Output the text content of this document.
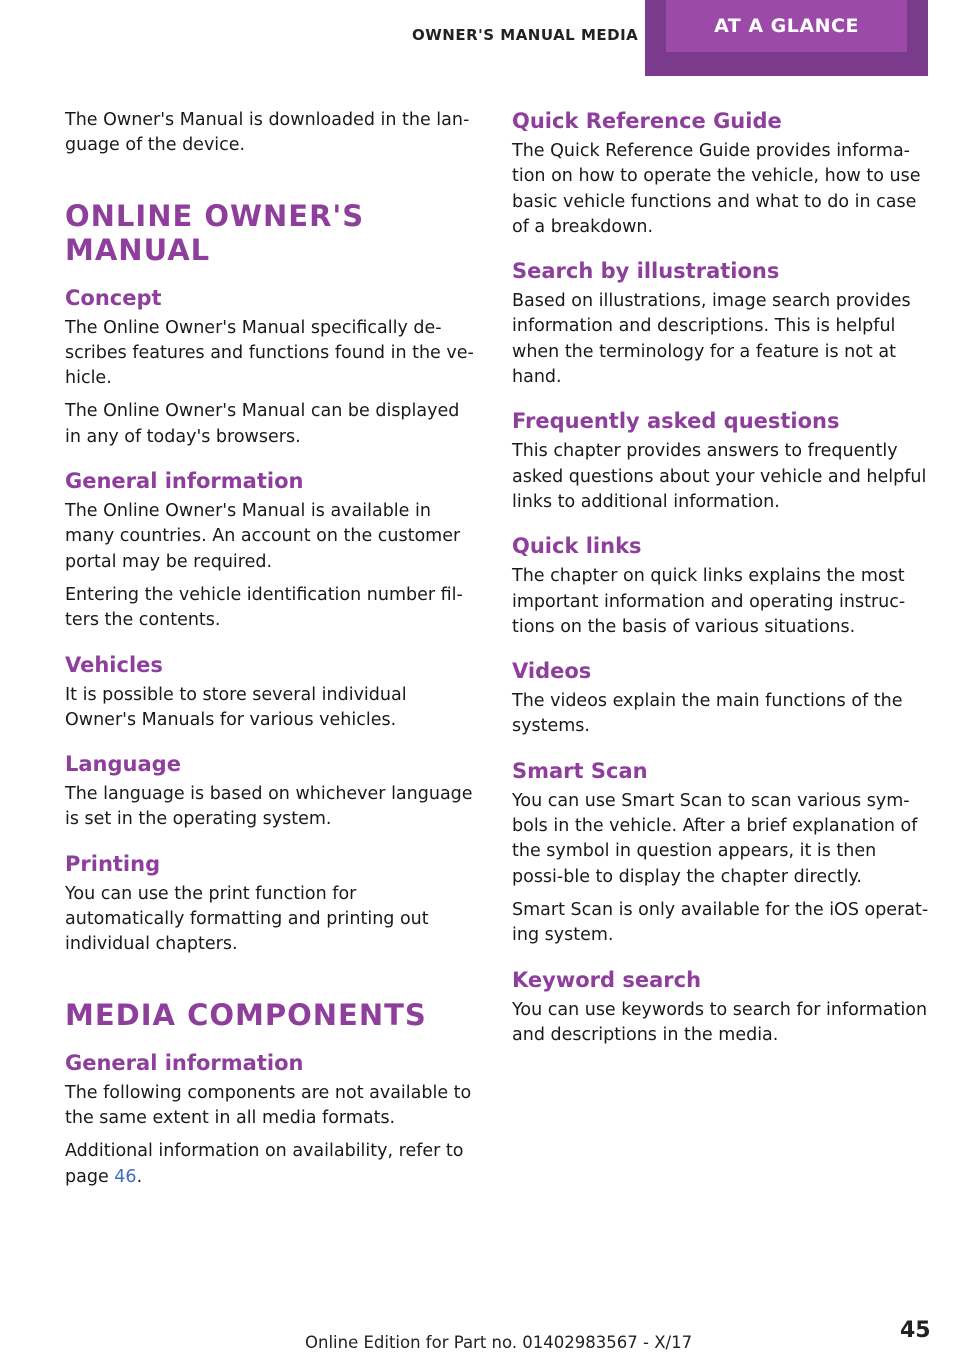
OWNER'S MANUAL MEDIA	AT A GLANCE

The Owner's Manual is downloaded in the lan-guage of the device.

ONLINE OWNER'S MANUAL
Concept

The Online Owner's Manual specifically de-scribes features and functions found in the ve-hicle.

The Online Owner's Manual can be displayed in any of today's browsers.

General information

The Online Owner's Manual is available in many countries. An account on the customer portal may be required.

Entering the vehicle identification number fil-ters the contents.

Vehicles

It is possible to store several individual Owner's Manuals for various vehicles.

Language

The language is based on whichever language is set in the operating system.

Printing

You can use the print function for automatically formatting and printing out individual chapters.

MEDIA COMPONENTS
General information

The following components are not available to the same extent in all media formats.

Additional information on availability, refer to page 46.

Quick Reference Guide

The Quick Reference Guide provides informa-tion on how to operate the vehicle, how to use basic vehicle functions and what to do in case of a breakdown.

Search by illustrations

Based on illustrations, image search provides information and descriptions. This is helpful when the terminology for a feature is not at hand.

Frequently asked questions

This chapter provides answers to frequently asked questions about your vehicle and helpful links to additional information.

Quick links

The chapter on quick links explains the most important information and operating instruc-tions on the basis of various situations.

Videos

The videos explain the main functions of the systems.

Smart Scan

You can use Smart Scan to scan various sym-bols in the vehicle. After a brief explanation of the symbol in question appears, it is then possi-ble to display the chapter directly.

Smart Scan is only available for the iOS operat-ing system.

Keyword search

You can use keywords to search for information and descriptions in the media.

Online Edition for Part no. 01402983567 - X/17	45
